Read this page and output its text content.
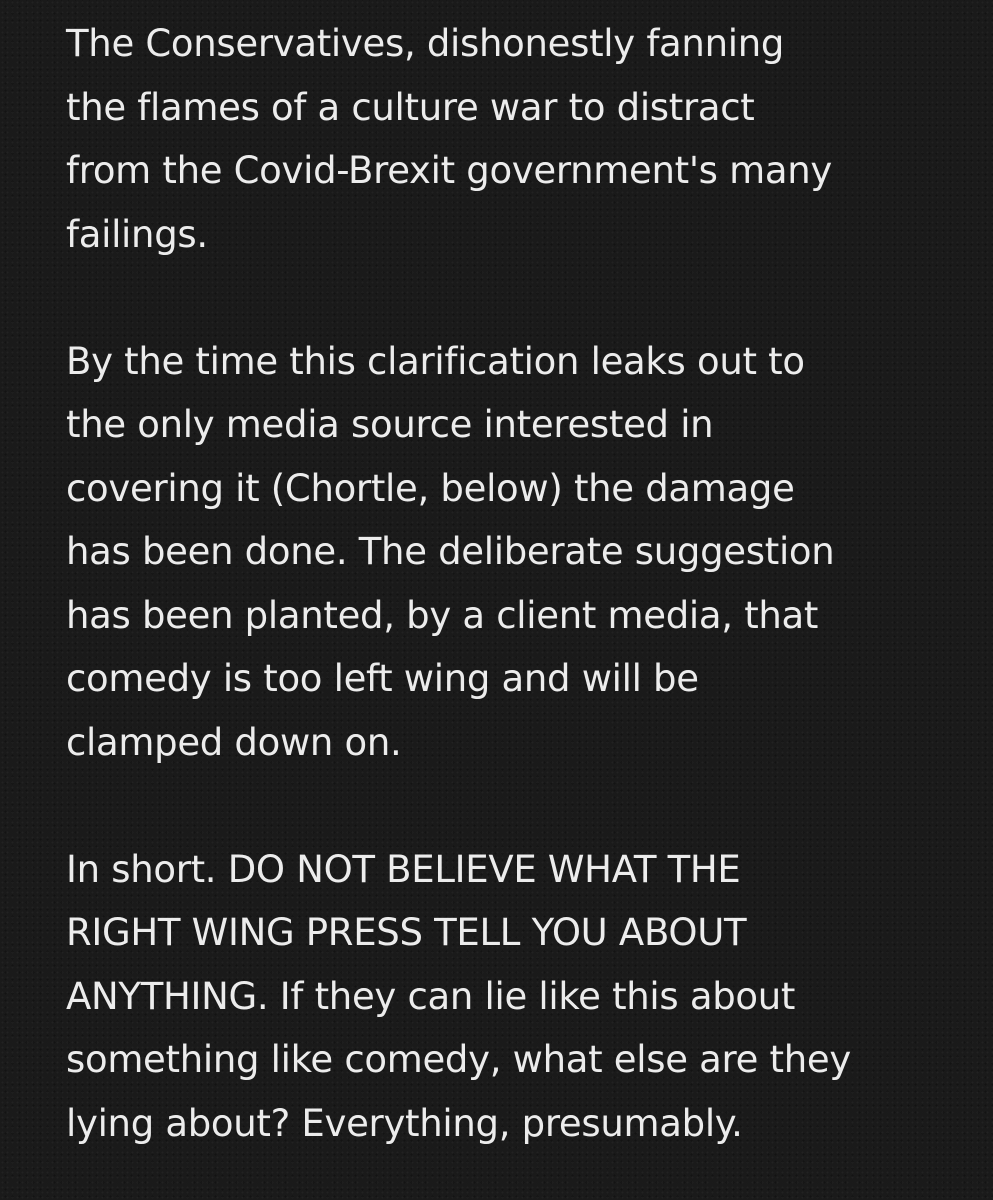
The Conservatives, dishonestly fanning
the flames of a culture war to distract
from the Covid-Brexit government's many
failings.
By the time this clarification leaks out to
the only media source interested in
covering it (Chortle, below) the damage
has been done. The deliberate suggestion
has been planted, by a client media, that
comedy is too left wing and will be
clamped down on.
In short. DO NOT BELIEVE WHAT THE
RIGHT WING PRESS TELL YOU ABOUT
ANYTHING. If they can lie like this about
something like comedy, what else are they
lying about? Everything, presumably.
